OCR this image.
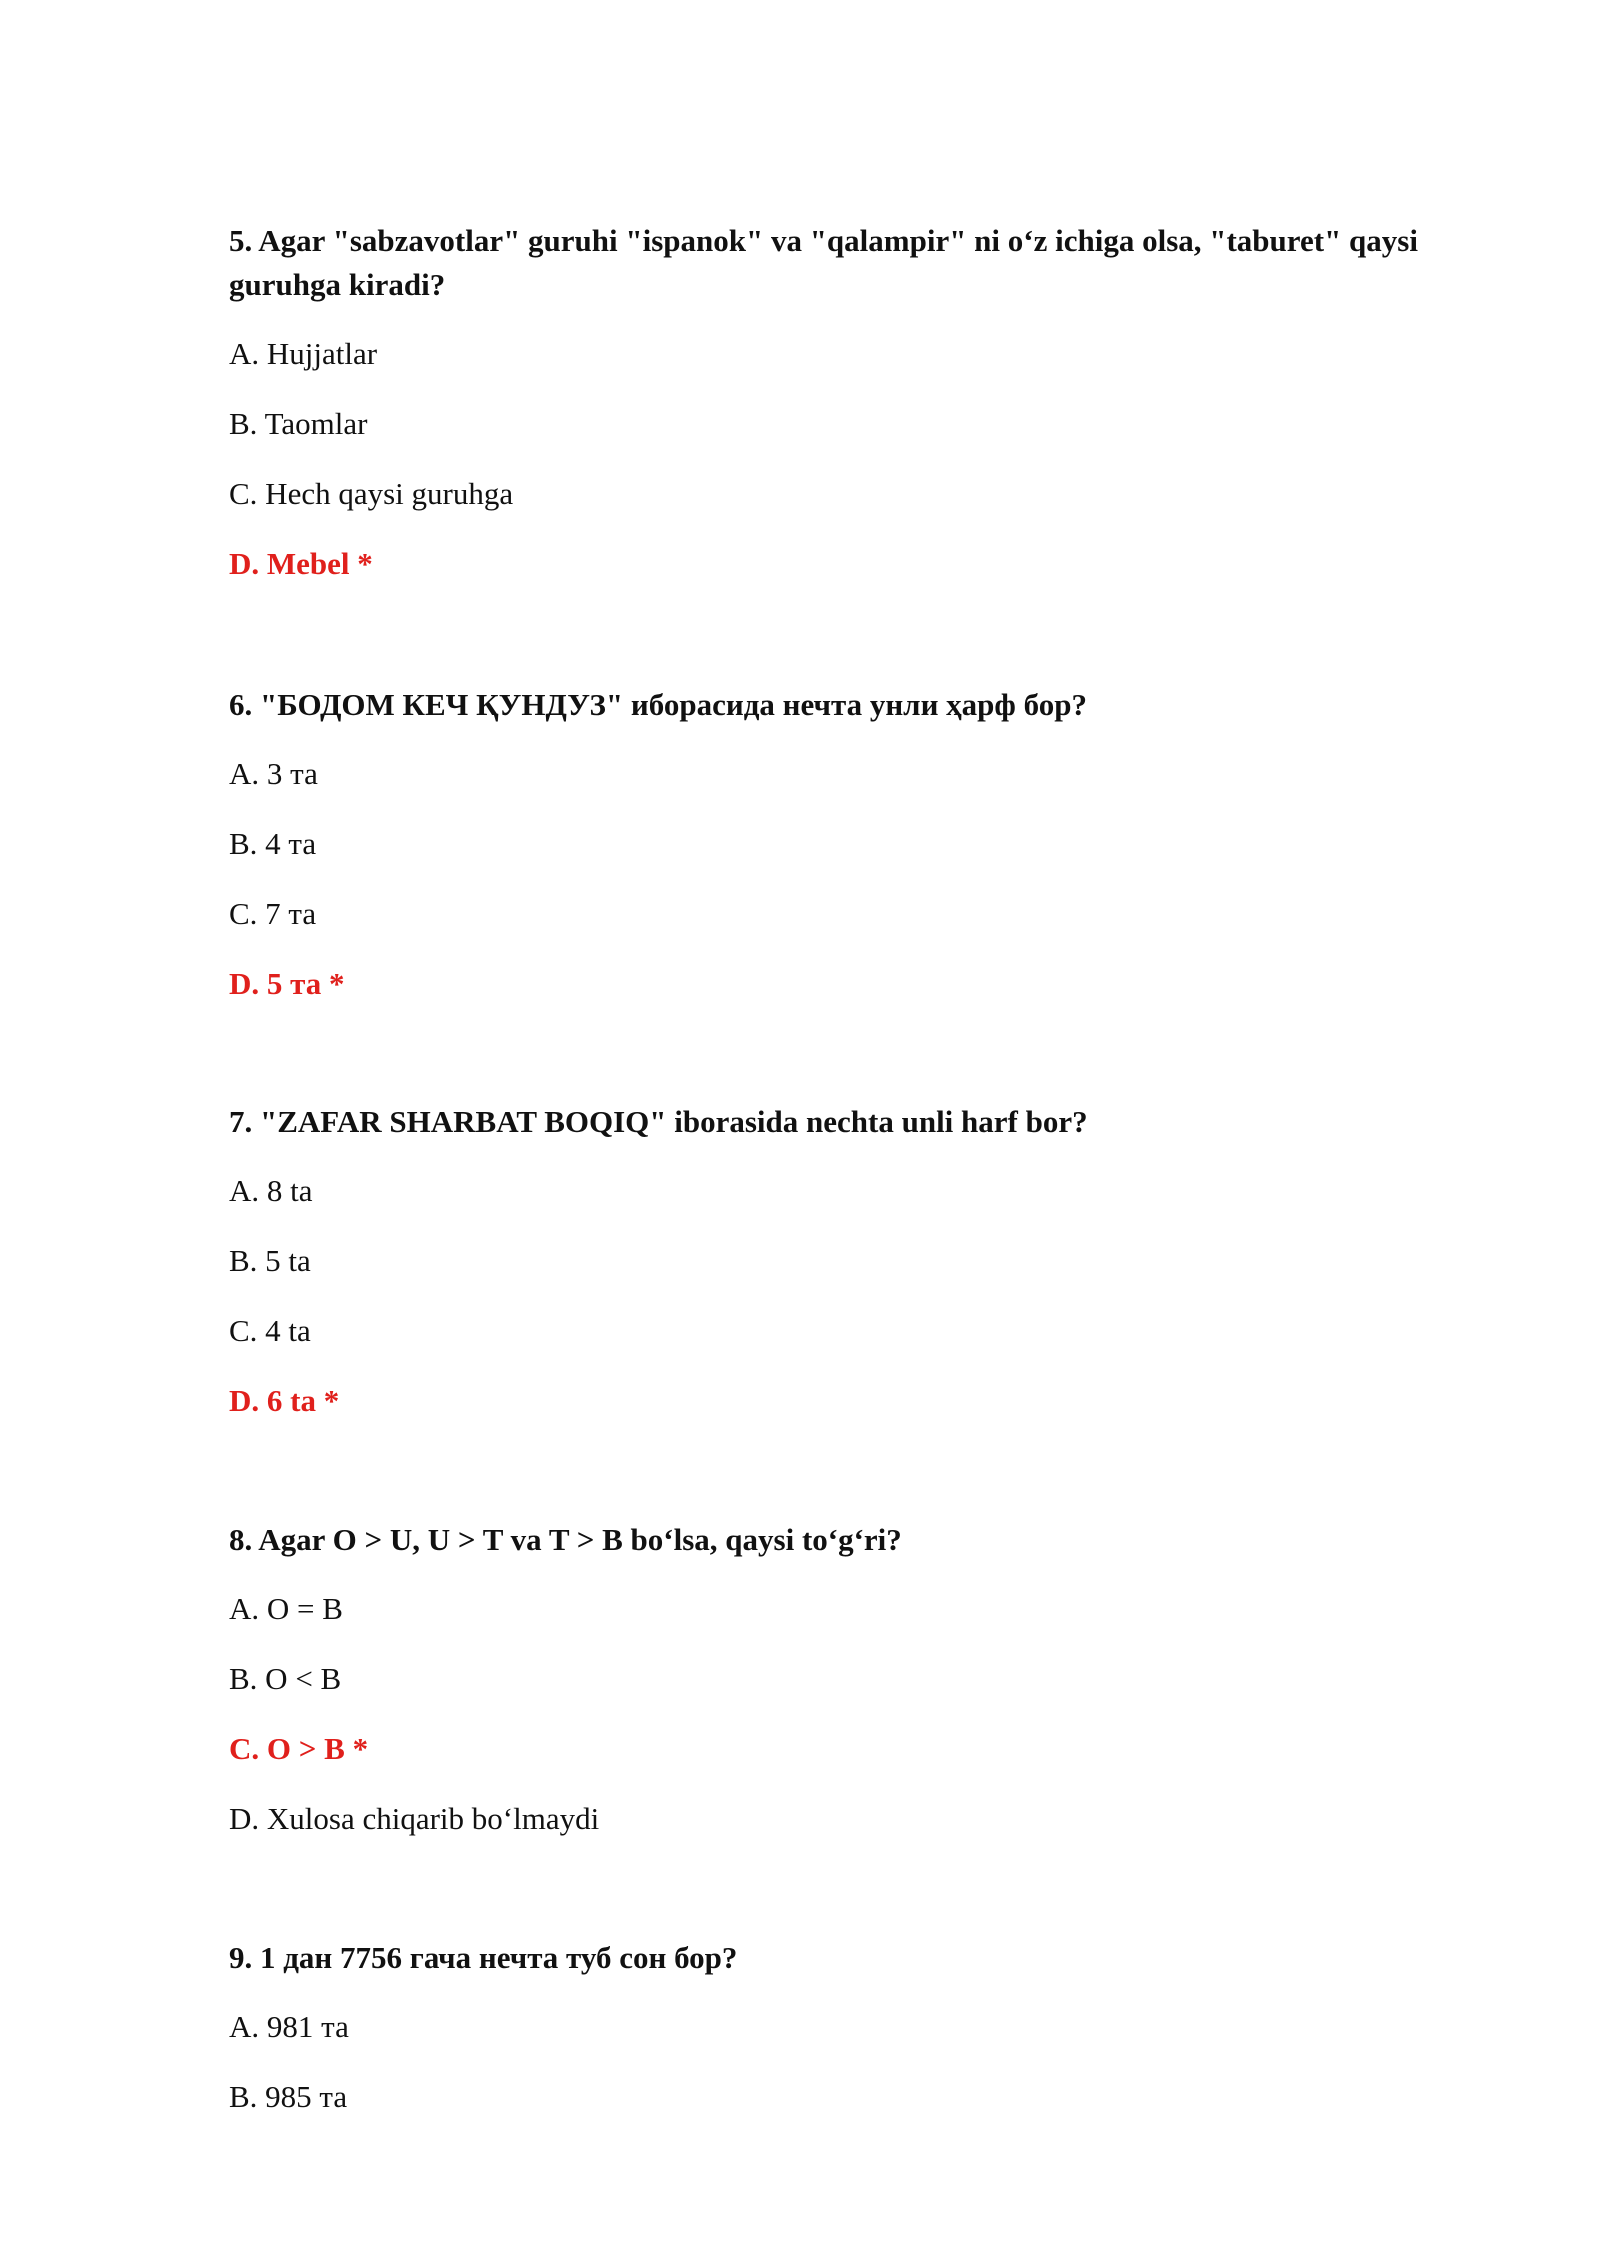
5. Agar "sabzavotlar" guruhi "ispanok" va "qalampir" ni o‘z ichiga olsa, "taburet" qaysi guruhga kiradi?

A. Hujjatlar
B. Taomlar
C. Hech qaysi guruhga
D. Mebel *

6. "БОДОМ КЕЧ ҚУНДУЗ" иборасида нечта унли ҳарф бор?

A. 3 та
B. 4 та
C. 7 та
D. 5 та *

7. "ZAFAR SHARBAT BOQIQ" iborasida nechta unli harf bor?

A. 8 ta
B. 5 ta
C. 4 ta
D. 6 ta *

8. Agar O > U, U > T va T > B bo‘lsa, qaysi to‘g‘ri?

A. O = B
B. O < B
C. O > B *
D. Xulosa chiqarib bo‘lmaydi

9. 1 дан 7756 гача нечта туб сон бор?

A. 981 та
B. 985 та
